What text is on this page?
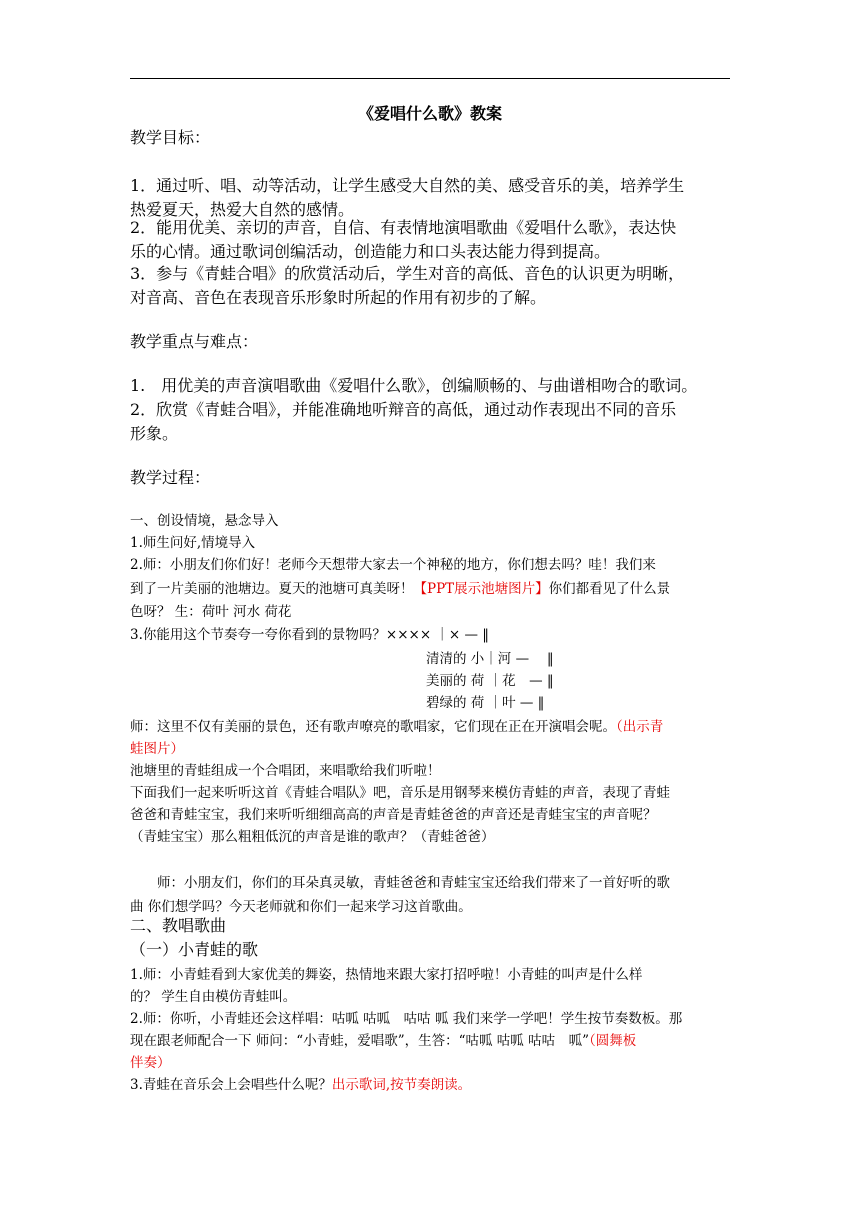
《爱唱什么歌》教案
教学目标：
1．通过听、唱、动等活动，让学生感受大自然的美、感受音乐的美，培养学生
热爱夏天，热爱大自然的感情。
2．能用优美、亲切的声音，自信、有表情地演唱歌曲《爱唱什么歌》，表达快
乐的心情。通过歌词创编活动，创造能力和口头表达能力得到提高。
3．参与《青蛙合唱》的欣赏活动后，学生对音的高低、音色的认识更为明晰，
对音高、音色在表现音乐形象时所起的作用有初步的了解。
教学重点与难点：
1.　用优美的声音演唱歌曲《爱唱什么歌》，创编顺畅的、与曲谱相吻合的歌词。
2．欣赏《青蛙合唱》，并能准确地听辩音的高低，通过动作表现出不同的音乐
形象。
教学过程：
一、创设情境，悬念导入
1.师生问好,情境导入
2.师：小朋友们你们好！老师今天想带大家去一个神秘的地方，你们想去吗？哇！我们来
到了一片美丽的池塘边。夏天的池塘可真美呀！【PPT展示池塘图片】你们都看见了什么景
色呀？ 生：荷叶 河水 荷花
3.你能用这个节奏夸一夸你看到的景物吗？×××× ｜× — ‖
清清的 小｜河 —　 ‖
美丽的 荷 ｜花　— ‖
碧绿的 荷 ｜叶 — ‖
师：这里不仅有美丽的景色，还有歌声嘹亮的歌唱家，它们现在正在开演唱会呢。（出示青
蛙图片）
池塘里的青蛙组成一个合唱团，来唱歌给我们听啦！
下面我们一起来听听这首《青蛙合唱队》吧，音乐是用钢琴来模仿青蛙的声音，表现了青蛙
爸爸和青蛙宝宝，我们来听听细细高高的声音是青蛙爸爸的声音还是青蛙宝宝的声音呢？
（青蛙宝宝）那么粗粗低沉的声音是谁的歌声？（青蛙爸爸）
　　师：小朋友们，你们的耳朵真灵敏，青蛙爸爸和青蛙宝宝还给我们带来了一首好听的歌
曲 你们想学吗？今天老师就和你们一起来学习这首歌曲。
二、教唱歌曲
（一）小青蛙的歌
1.师：小青蛙看到大家优美的舞姿，热情地来跟大家打招呼啦！小青蛙的叫声是什么样
的？ 学生自由模仿青蛙叫。
2.师：你听，小青蛙还会这样唱：咕呱 咕呱　咕咕 呱 我们来学一学吧！学生按节奏数板。那
现在跟老师配合一下 师问：“小青蛙，爱唱歌”，生答：“咕呱 咕呱 咕咕　呱”（圆舞板
伴奏）
3.青蛙在音乐会上会唱些什么呢？出示歌词,按节奏朗读。
